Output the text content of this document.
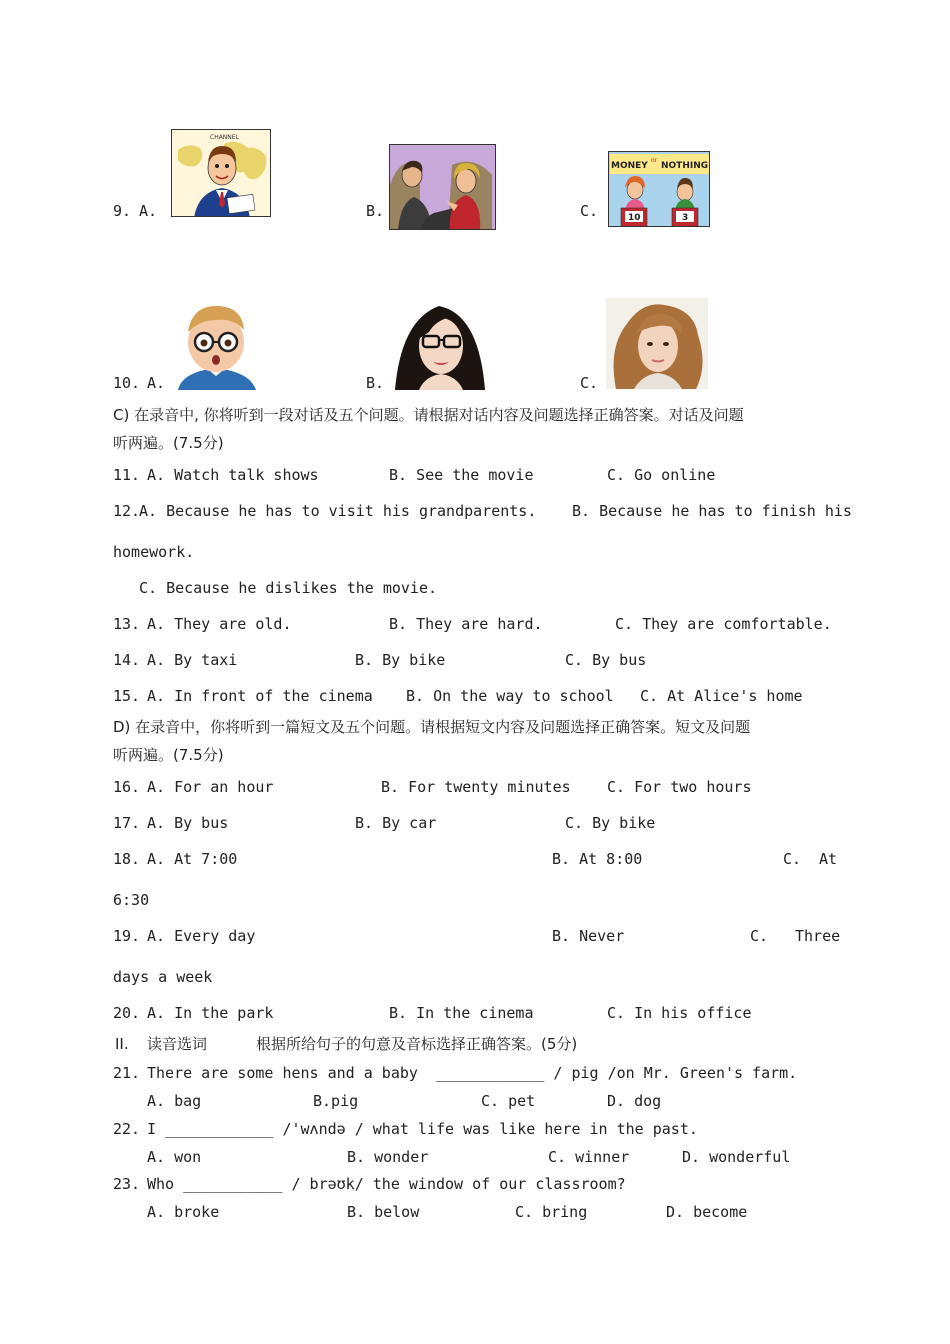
9. A.
CHANNEL
B.	C.
MONEY
or
NOTHING
10	3
10. A.	B.	C.
C) 在录音中, 你将听到一段对话及五个问题。请根据对话内容及问题选择正确答案。对话及问题
听两遍。(7.5分)
11. A. Watch talk shows	B. See the movie	C. Go online
12.
A. Because he has to visit his grandparents. B. Because he has to finish his
homework.
C. Because he dislikes the movie.
13. A. They are old.	B. They are hard.	C. They are comfortable.
14. A. By taxi	B. By bike	C. By bus
15. A. In front of the cinema B. On the way to school C. At Alice's home
D) 在录音中，你将听到一篇短文及五个问题。请根据短文内容及问题选择正确答案。短文及问题
听两遍。(7.5分)
16. A. For an hour	B. For twenty minutes C. For two hours
17. A. By bus	B. By car	C. By bike
18. A. At 7:00	B. At 8:00	C. At
6:30
19. A. Every day	B. Never	C. Three
days a week
20. A. In the park	B. In the cinema	C. In his office
II. 读音选词	根据所给句子的句意及音标选择正确答案。(5分)
21. There are some hens and a baby  ____________ / pig /on Mr. Green's farm.
A. bag	B.pig	C. pet	D. dog
22. I ____________ /'wʌndə / what life was like here in the past.
A. won	B. wonder	C. winner	D. wonderful
23. Who ___________ / brəʊk/ the window of our classroom?
A. broke	B. below	C. bring	D. become
